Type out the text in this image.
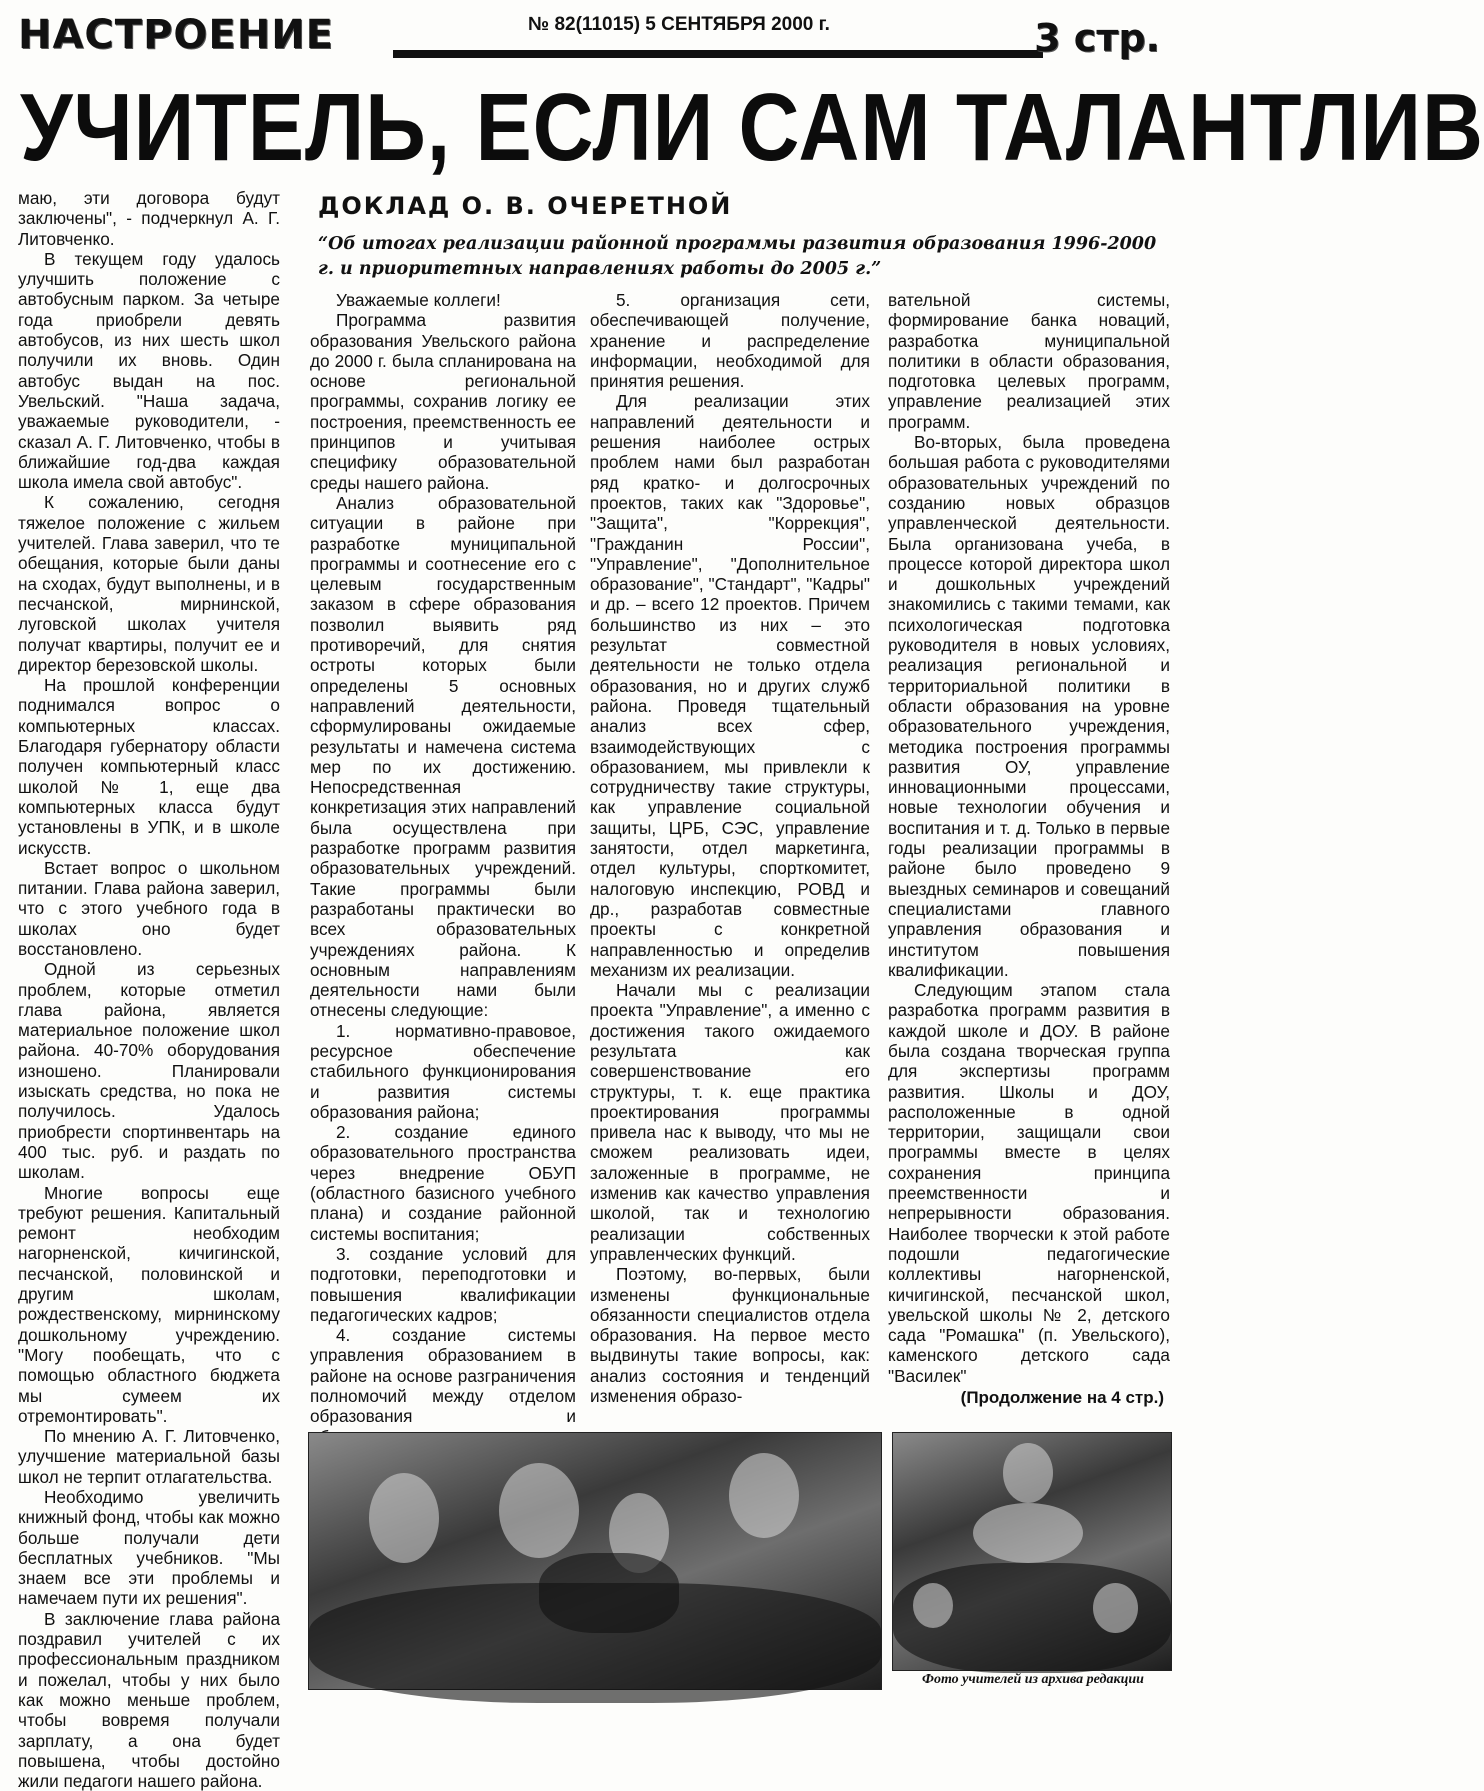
НАСТРОЕНИЕ	№ 82(11015) 5 СЕНТЯБРЯ 2000 г.	3 стр.
УЧИТЕЛЬ, ЕСЛИ САМ ТАЛАНТЛИВ

маю, эти договора будут заключены", - подчеркнул А. Г. Литовченко.

В текущем году удалось улучшить положение с автобусным парком. За четыре года приобрели девять автобусов, из них шесть школ получили их вновь. Один автобус выдан на пос. Увельский. "Наша задача, уважаемые руководители, - сказал А. Г. Литовченко, чтобы в ближайшие год-два каждая школа имела свой автобус".

К сожалению, сегодня тяжелое положение с жильем учителей. Глава заверил, что те обещания, которые были даны на сходах, будут выполнены, и в песчанской, мирнинской, луговской школах учителя получат квартиры, получит ее и директор березовской школы.

На прошлой конференции поднимался вопрос о компьютерных классах. Благодаря губернатору области получен компьютерный класс школой № 1, еще два компьютерных класса будут установлены в УПК, и в школе искусств.

Встает вопрос о школьном питании. Глава района заверил, что с этого учебного года в школах оно будет восстановлено.

Одной из серьезных проблем, которые отметил глава района, является материальное положение школ района. 40-70% оборудования изношено. Планировали изыскать средства, но пока не получилось. Удалось приобрести спортинвентарь на 400 тыс. руб. и раздать по школам.

Многие вопросы еще требуют решения. Капитальный ремонт необходим нагорненской, кичигинской, песчанской, половинской и другим школам, рождественскому, мирнинскому дошкольному учреждению. "Могу пообещать, что с помощью областного бюджета мы сумеем их отремонтировать".

По мнению А. Г. Литовченко, улучшение материальной базы школ не терпит отлагательства.

Необходимо увеличить книжный фонд, чтобы как можно больше получали дети бесплатных учебников. "Мы знаем все эти проблемы и намечаем пути их решения".

В заключение глава района поздравил учителей с их профессиональным праздником и пожелал, чтобы у них было как можно меньше проблем, чтобы вовремя получали зарплату, а она будет повышена, чтобы достойно жили педагоги нашего района.

ДОКЛАД О. В. ОЧЕРЕТНОЙ
“Об итогах реализации районной программы развития образования 1996-2000 г. и приоритетных направлениях работы до 2005 г.”

Уважаемые коллеги!

Программа развития образования Увельского района до 2000 г. была спланирована на основе региональной программы, сохранив логику ее построения, преемственность ее принципов и учитывая специфику образовательной среды нашего района.

Анализ образовательной ситуации в районе при разработке муниципальной программы и соотнесение его с целевым государственным заказом в сфере образования позволил выявить ряд противоречий, для снятия остроты которых были определены 5 основных направлений деятельности, сформулированы ожидаемые результаты и намечена система мер по их достижению. Непосредственная конкретизация этих направлений была осуществлена при разработке программ развития образовательных учреждений. Такие программы были разработаны практически во всех образовательных учреждениях района. К основным направлениям деятельности нами были отнесены следующие:

1. нормативно-правовое, ресурсное обеспечение стабильного функционирования и развития системы образования района;

2. создание единого образовательного пространства через внедрение ОБУП (областного базисного учебного плана) и создание районной системы воспитания;

3. создание условий для подготовки, переподготовки и повышения квалификации педагогических кадров;

4. создание системы управления образованием в районе на основе разграничения полномочий между отделом образования и

5. организация сети, обеспечивающей получение, хранение и распределение информации, необходимой для принятия решения.

Для реализации этих направлений деятельности и решения наиболее острых проблем нами был разработан ряд кратко- и долгосрочных проектов, таких как "Здоровье", "Защита", "Коррекция", "Гражданин России", "Управление", "Дополнительное образование", "Стандарт", "Кадры" и др. – всего 12 проектов. Причем большинство из них – это результат совместной деятельности не только отдела образования, но и других служб района. Проведя тщательный анализ всех сфер, взаимодействующих с образованием, мы привлекли к сотрудничеству такие структуры, как управление социальной защиты, ЦРБ, СЭС, управление занятости, отдел маркетинга, отдел культуры, спорткомитет, налоговую инспекцию, РОВД и др., разработав совместные проекты с конкретной направленностью и определив механизм их реализации.

Начали мы с реализации проекта "Управление", а именно с достижения такого ожидаемого результата как совершенствование его структуры, т. к. еще практика проектирования программы привела нас к выводу, что мы не сможем реализовать идеи, заложенные в программе, не изменив как качество управления школой, так и технологию реализации собственных управленческих функций.

Поэтому, во-первых, были изменены функциональные обязанности специалистов отдела образования. На первое место выдвинуты такие вопросы, как: анализ состояния и тенденций изменения образо-

вательной системы, формирование банка новаций, разработка муниципальной политики в области образования, подготовка целевых программ, управление реализацией этих программ.

Во-вторых, была проведена большая работа с руководителями образовательных учреждений по созданию новых образцов управленческой деятельности. Была организована учеба, в процессе которой директора школ и дошкольных учреждений знакомились с такими темами, как психологическая подготовка руководителя в новых условиях, реализация региональной и территориальной политики в области образования на уровне образовательного учреждения, методика построения программы развития ОУ, управление инновационными процессами, новые технологии обучения и воспитания и т. д. Только в первые годы реализации программы в районе было проведено 9 выездных семинаров и совещаний специалистами главного управления образования и институтом повышения квалификации.

Следующим этапом стала разработка программ развития в каждой школе и ДОУ. В районе была создана творческая группа для экспертизы программ развития. Школы и ДОУ, расположенные в одной территории, защищали свои программы вместе в целях сохранения принципа преемственности и непрерывности образования. Наиболее творчески к этой работе подошли педагогические коллективы нагорненской, кичигинской, песчанской школ, увельской школы № 2, детского сада "Ромашка" (п. Увельского), каменского детского сада "Василек"

(Продолжение на 4 стр.)
Фото учителей из архива редакции
